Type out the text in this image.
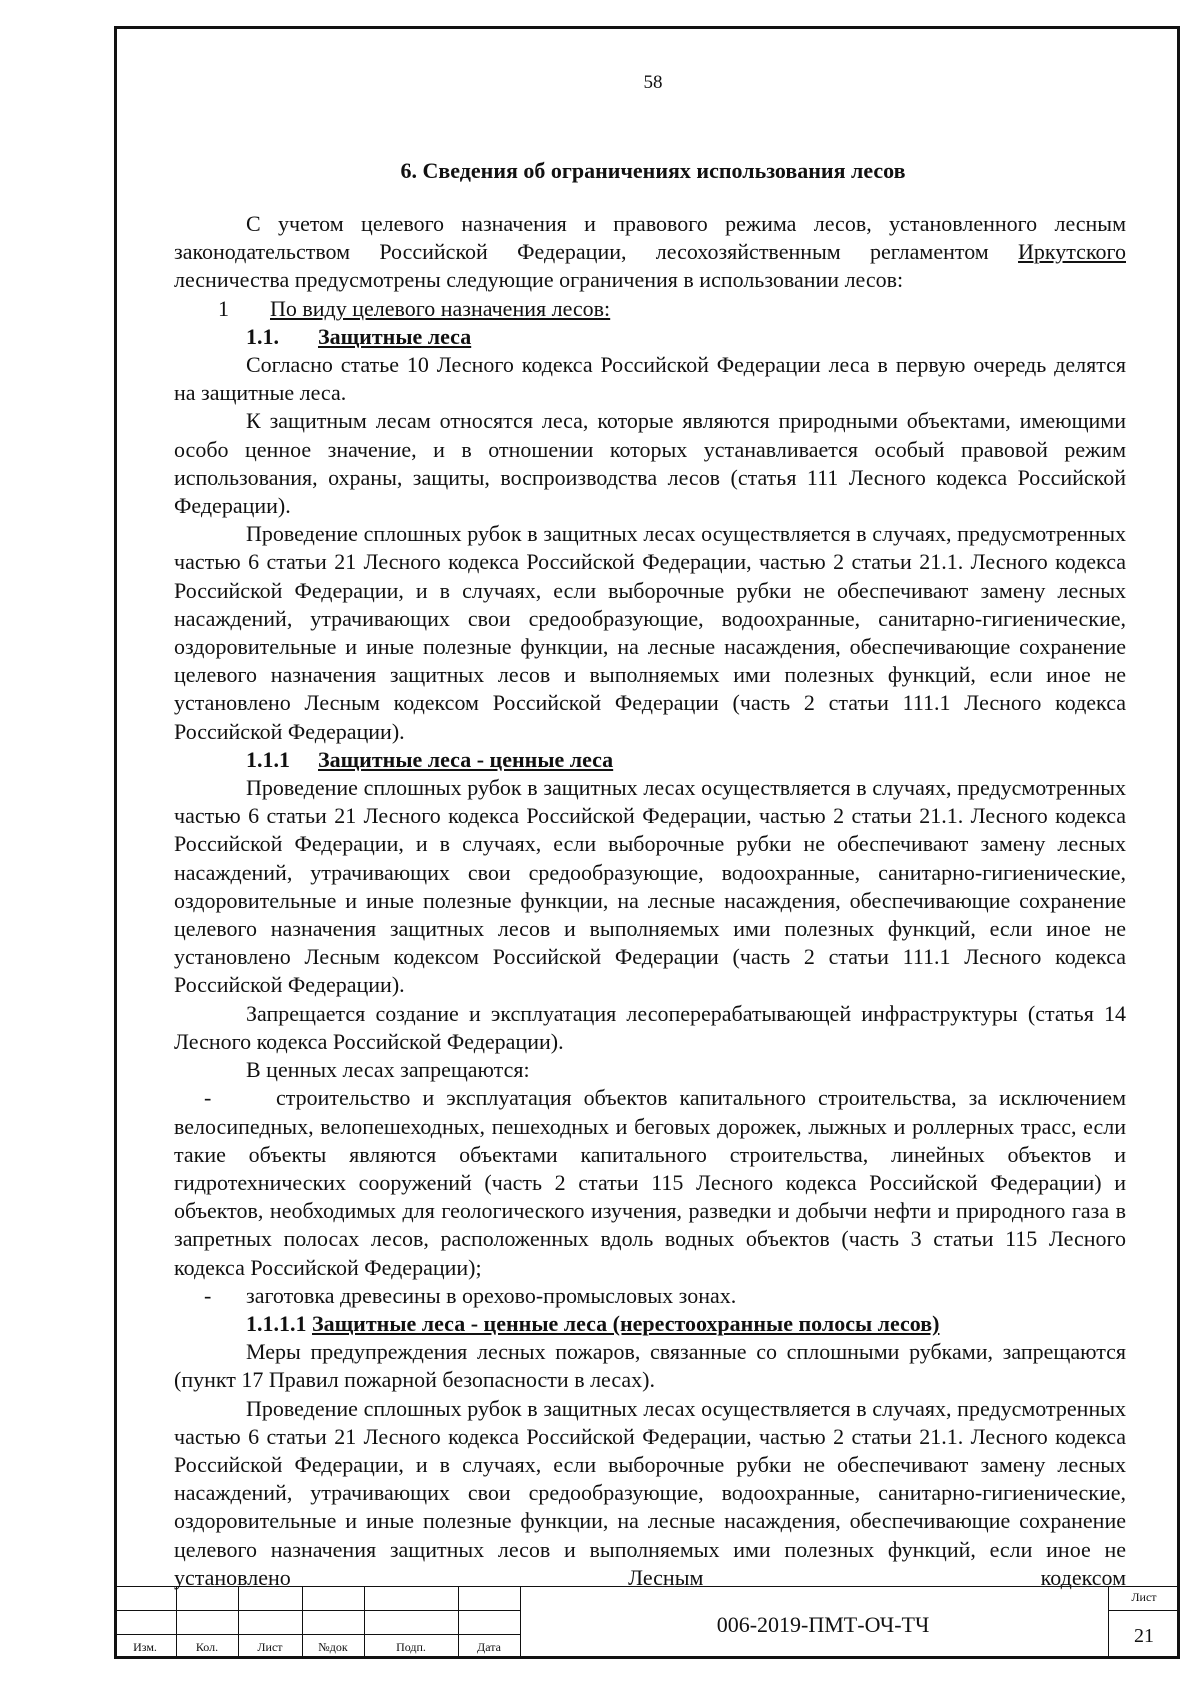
58
6. Сведения об ограничениях использования лесов

С учетом целевого назначения и правового режима лесов, установленного лесным законодательством Российской Федерации, лесохозяйственным регламентом Иркутского лесничества предусмотрены следующие ограничения в использовании лесов:

1 По виду целевого назначения лесов:

1.1. Защитные леса

Согласно статье 10 Лесного кодекса Российской Федерации леса в первую очередь делятся на защитные леса.

К защитным лесам относятся леса, которые являются природными объектами, имеющими особо ценное значение, и в отношении которых устанавливается особый правовой режим использования, охраны, защиты, воспроизводства лесов (статья 111 Лесного кодекса Российской Федерации).

Проведение сплошных рубок в защитных лесах осуществляется в случаях, предусмотренных частью 6 статьи 21 Лесного кодекса Российской Федерации, частью 2 статьи 21.1. Лесного кодекса Российской Федерации, и в случаях, если выборочные рубки не обеспечивают замену лесных насаждений, утрачивающих свои средообразующие, водоохранные, санитарно-гигиенические, оздоровительные и иные полезные функции, на лесные насаждения, обеспечивающие сохранение целевого назначения защитных лесов и выполняемых ими полезных функций, если иное не установлено Лесным кодексом Российской Федерации (часть 2 статьи 111.1 Лесного кодекса Российской Федерации).

1.1.1 Защитные леса - ценные леса

Проведение сплошных рубок в защитных лесах осуществляется в случаях, предусмотренных частью 6 статьи 21 Лесного кодекса Российской Федерации, частью 2 статьи 21.1. Лесного кодекса Российской Федерации, и в случаях, если выборочные рубки не обеспечивают замену лесных насаждений, утрачивающих свои средообразующие, водоохранные, санитарно-гигиенические, оздоровительные и иные полезные функции, на лесные насаждения, обеспечивающие сохранение целевого назначения защитных лесов и выполняемых ими полезных функций, если иное не установлено Лесным кодексом Российской Федерации (часть 2 статьи 111.1 Лесного кодекса Российской Федерации).

Запрещается создание и эксплуатация лесоперерабатывающей инфраструктуры (статья 14 Лесного кодекса Российской Федерации).

В ценных лесах запрещаются:

-	строительство и эксплуатация объектов капитального строительства, за исключением велосипедных, велопешеходных, пешеходных и беговых дорожек, лыжных и роллерных трасс, если такие объекты являются объектами капитального строительства, линейных объектов и гидротехнических сооружений (часть 2 статьи 115 Лесного кодекса Российской Федерации) и объектов, необходимых для геологического изучения, разведки и добычи нефти и природного газа в запретных полосах лесов, расположенных вдоль водных объектов (часть 3 статьи 115 Лесного кодекса Российской Федерации);

- заготовка древесины в орехово-промысловых зонах.

1.1.1.1 Защитные леса - ценные леса (нерестоохранные полосы лесов)

Меры предупреждения лесных пожаров, связанные со сплошными рубками, запрещаются (пункт 17 Правил пожарной безопасности в лесах).

Проведение сплошных рубок в защитных лесах осуществляется в случаях, предусмотренных частью 6 статьи 21 Лесного кодекса Российской Федерации, частью 2 статьи 21.1. Лесного кодекса Российской Федерации, и в случаях, если выборочные рубки не обеспечивают замену лесных насаждений, утрачивающих свои средообразующие, водоохранные, санитарно-гигиенические, оздоровительные и иные полезные функции, на лесные насаждения, обеспечивающие сохранение целевого назначения защитных лесов и выполняемых ими полезных функций, если иное не установлено Лесным кодексом

Изм.	Кол.	Лист	№док	Подп.	Дата
006-2019-ПМТ-ОЧ-ТЧ
Лист
21
